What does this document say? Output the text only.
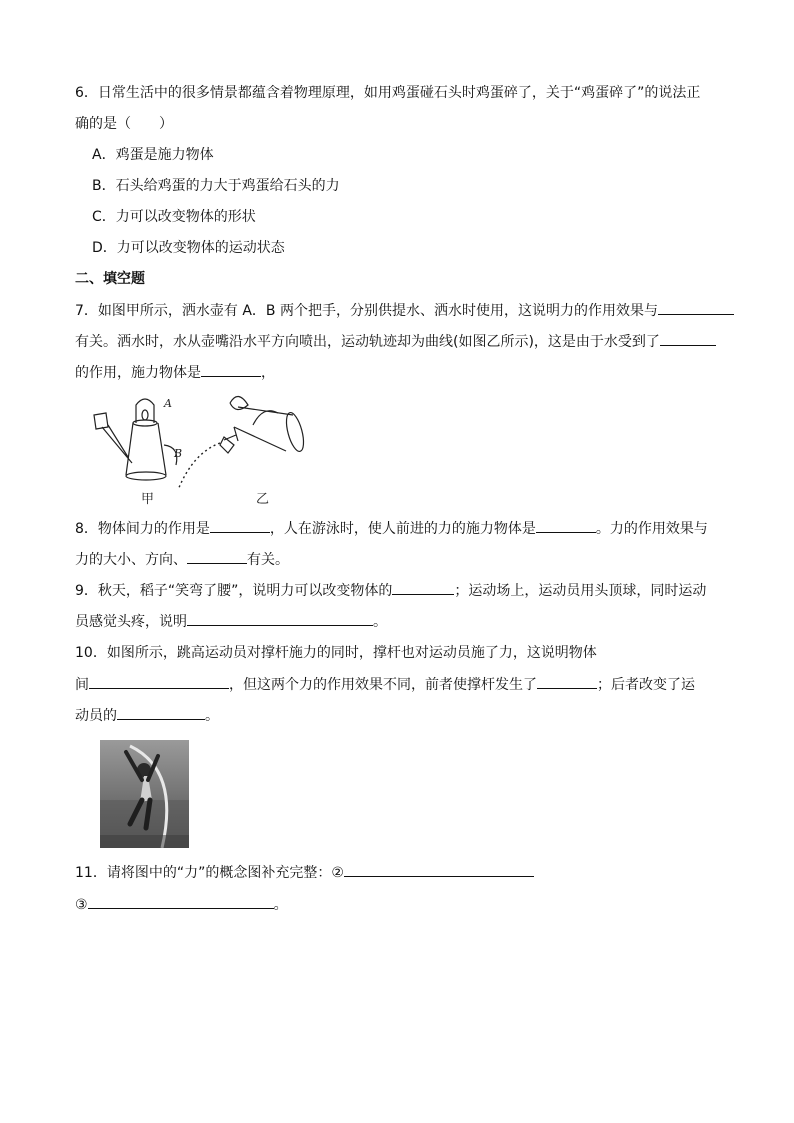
6．日常生活中的很多情景都蕴含着物理原理，如用鸡蛋碰石头时鸡蛋碎了，关于“鸡蛋碎了”的说法正
确的是（　　）
A．鸡蛋是施力物体
B．石头给鸡蛋的力大于鸡蛋给石头的力
C．力可以改变物体的形状
D．力可以改变物体的运动状态
二、填空题
7．如图甲所示，洒水壶有 A．B 两个把手，分别供提水、洒水时使用，这说明力的作用效果与
有关。洒水时，水从壶嘴沿水平方向喷出，运动轨迹却为曲线(如图乙所示)，这是由于水受到了
的作用，施力物体是	，
A
B
甲	乙
8．物体间力的作用是	，人在游泳时，使人前进的力的施力物体是	。力的作用效果与
力的大小、方向、	有关。
9．秋天，稻子“笑弯了腰”，说明力可以改变物体的	；运动场上，运动员用头顶球，同时运动
员感觉头疼，说明	。
10．如图所示，跳高运动员对撑杆施力的同时，撑杆也对运动员施了力，这说明物体
间	，但这两个力的作用效果不同，前者使撑杆发生了	；后者改变了运
动员的	。
11．请将图中的“力”的概念图补充完整：②
③	。
